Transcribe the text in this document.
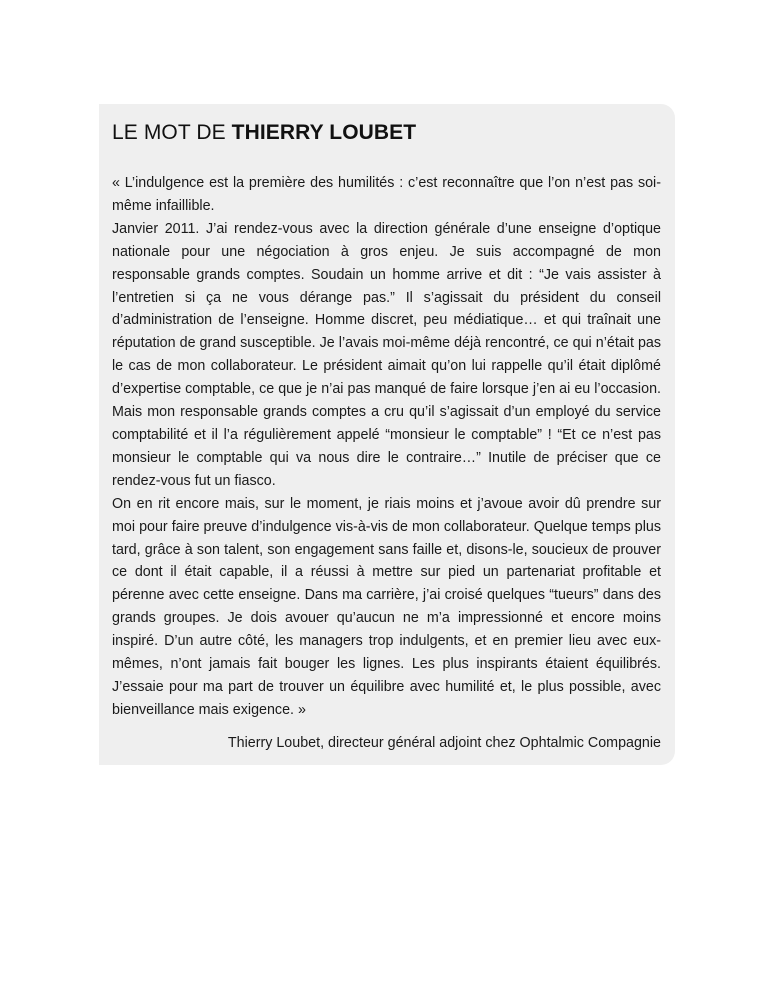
LE MOT DE THIERRY LOUBET

« L’indulgence est la première des humilités : c’est reconnaître que l’on n’est pas soi-même infaillible.

Janvier 2011. J’ai rendez-vous avec la direction générale d’une enseigne d’optique nationale pour une négociation à gros enjeu. Je suis accompagné de mon responsable grands comptes. Soudain un homme arrive et dit : “Je vais assister à l’entretien si ça ne vous dérange pas.” Il s’agissait du président du conseil d’administration de l’enseigne. Homme discret, peu médiatique… et qui traînait une réputation de grand susceptible. Je l’avais moi-même déjà rencontré, ce qui n’était pas le cas de mon collaborateur. Le président aimait qu’on lui rappelle qu’il était diplômé d’expertise comptable, ce que je n’ai pas manqué de faire lorsque j’en ai eu l’occasion. Mais mon responsable grands comptes a cru qu’il s’agissait d’un employé du service comptabilité et il l’a régulièrement appelé “monsieur le comptable” ! “Et ce n’est pas monsieur le comptable qui va nous dire le contraire…” Inutile de préciser que ce rendez-vous fut un fiasco.

On en rit encore mais, sur le moment, je riais moins et j’avoue avoir dû prendre sur moi pour faire preuve d’indulgence vis-à-vis de mon collaborateur. Quelque temps plus tard, grâce à son talent, son engagement sans faille et, disons-le, soucieux de prouver ce dont il était capable, il a réussi à mettre sur pied un partenariat profitable et pérenne avec cette enseigne. Dans ma carrière, j’ai croisé quelques “tueurs” dans des grands groupes. Je dois avouer qu’aucun ne m’a impressionné et encore moins inspiré. D’un autre côté, les managers trop indulgents, et en premier lieu avec eux-mêmes, n’ont jamais fait bouger les lignes. Les plus inspirants étaient équilibrés. J’essaie pour ma part de trouver un équilibre avec humilité et, le plus possible, avec bienveillance mais exigence. »

Thierry Loubet, directeur général adjoint chez Ophtalmic Compagnie
